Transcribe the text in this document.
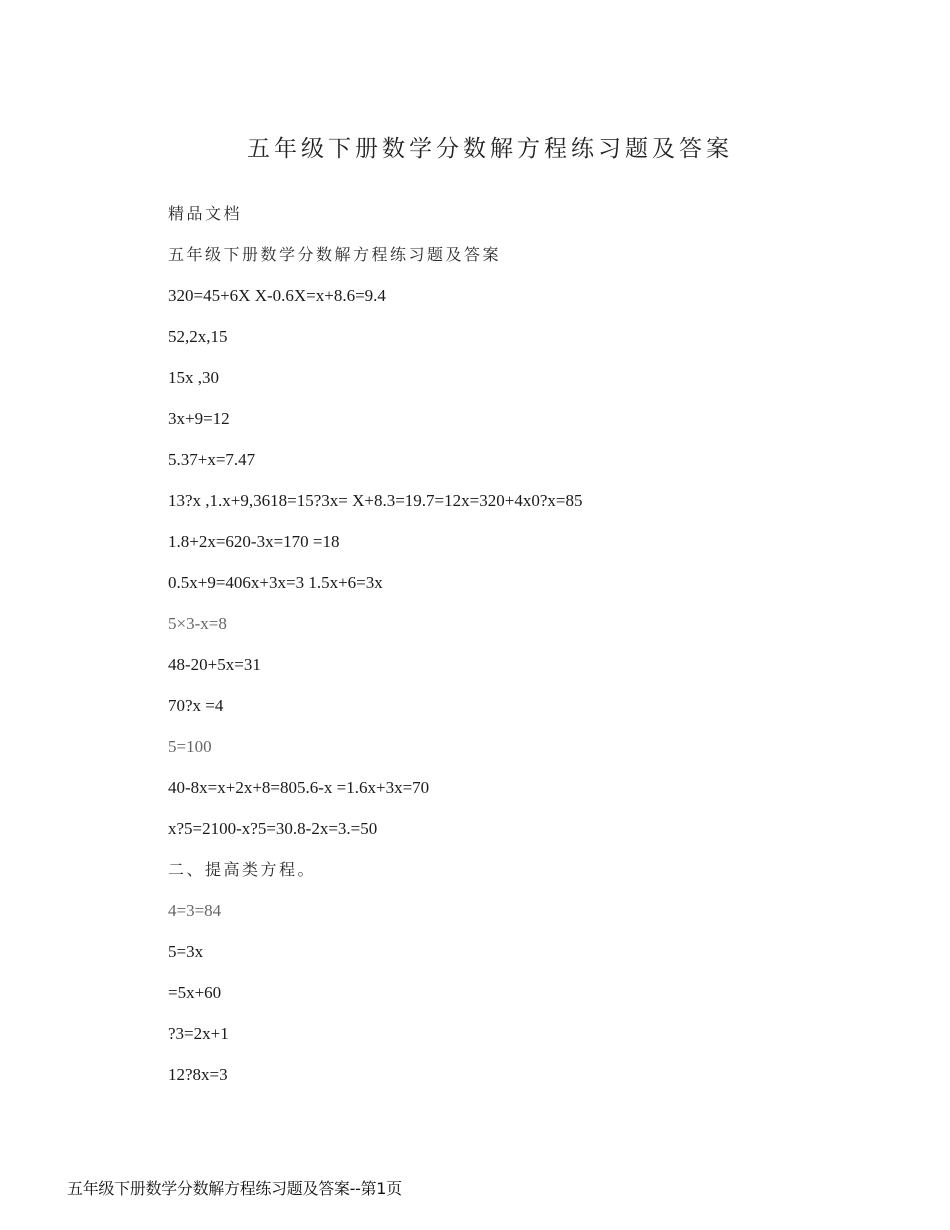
五年级下册数学分数解方程练习题及答案
精品文档
五年级下册数学分数解方程练习题及答案
320=45+6X X-0.6X=x+8.6=9.4
52,2x,15
15x ,30
3x+9=12
5.37+x=7.47
13?x ,1.x+9,3618=15?3x= X+8.3=19.7=12x=320+4x0?x=85
1.8+2x=620-3x=170 =18
0.5x+9=406x+3x=3 1.5x+6=3x
5×3-x=8
48-20+5x=31
70?x =4
5=100
40-8x=x+2x+8=805.6-x =1.6x+3x=70
x?5=2100-x?5=30.8-2x=3.=50
二、提高类方程。
4=3=84
5=3x
=5x+60
?3=2x+1
12?8x=3
五年级下册数学分数解方程练习题及答案--第1页
